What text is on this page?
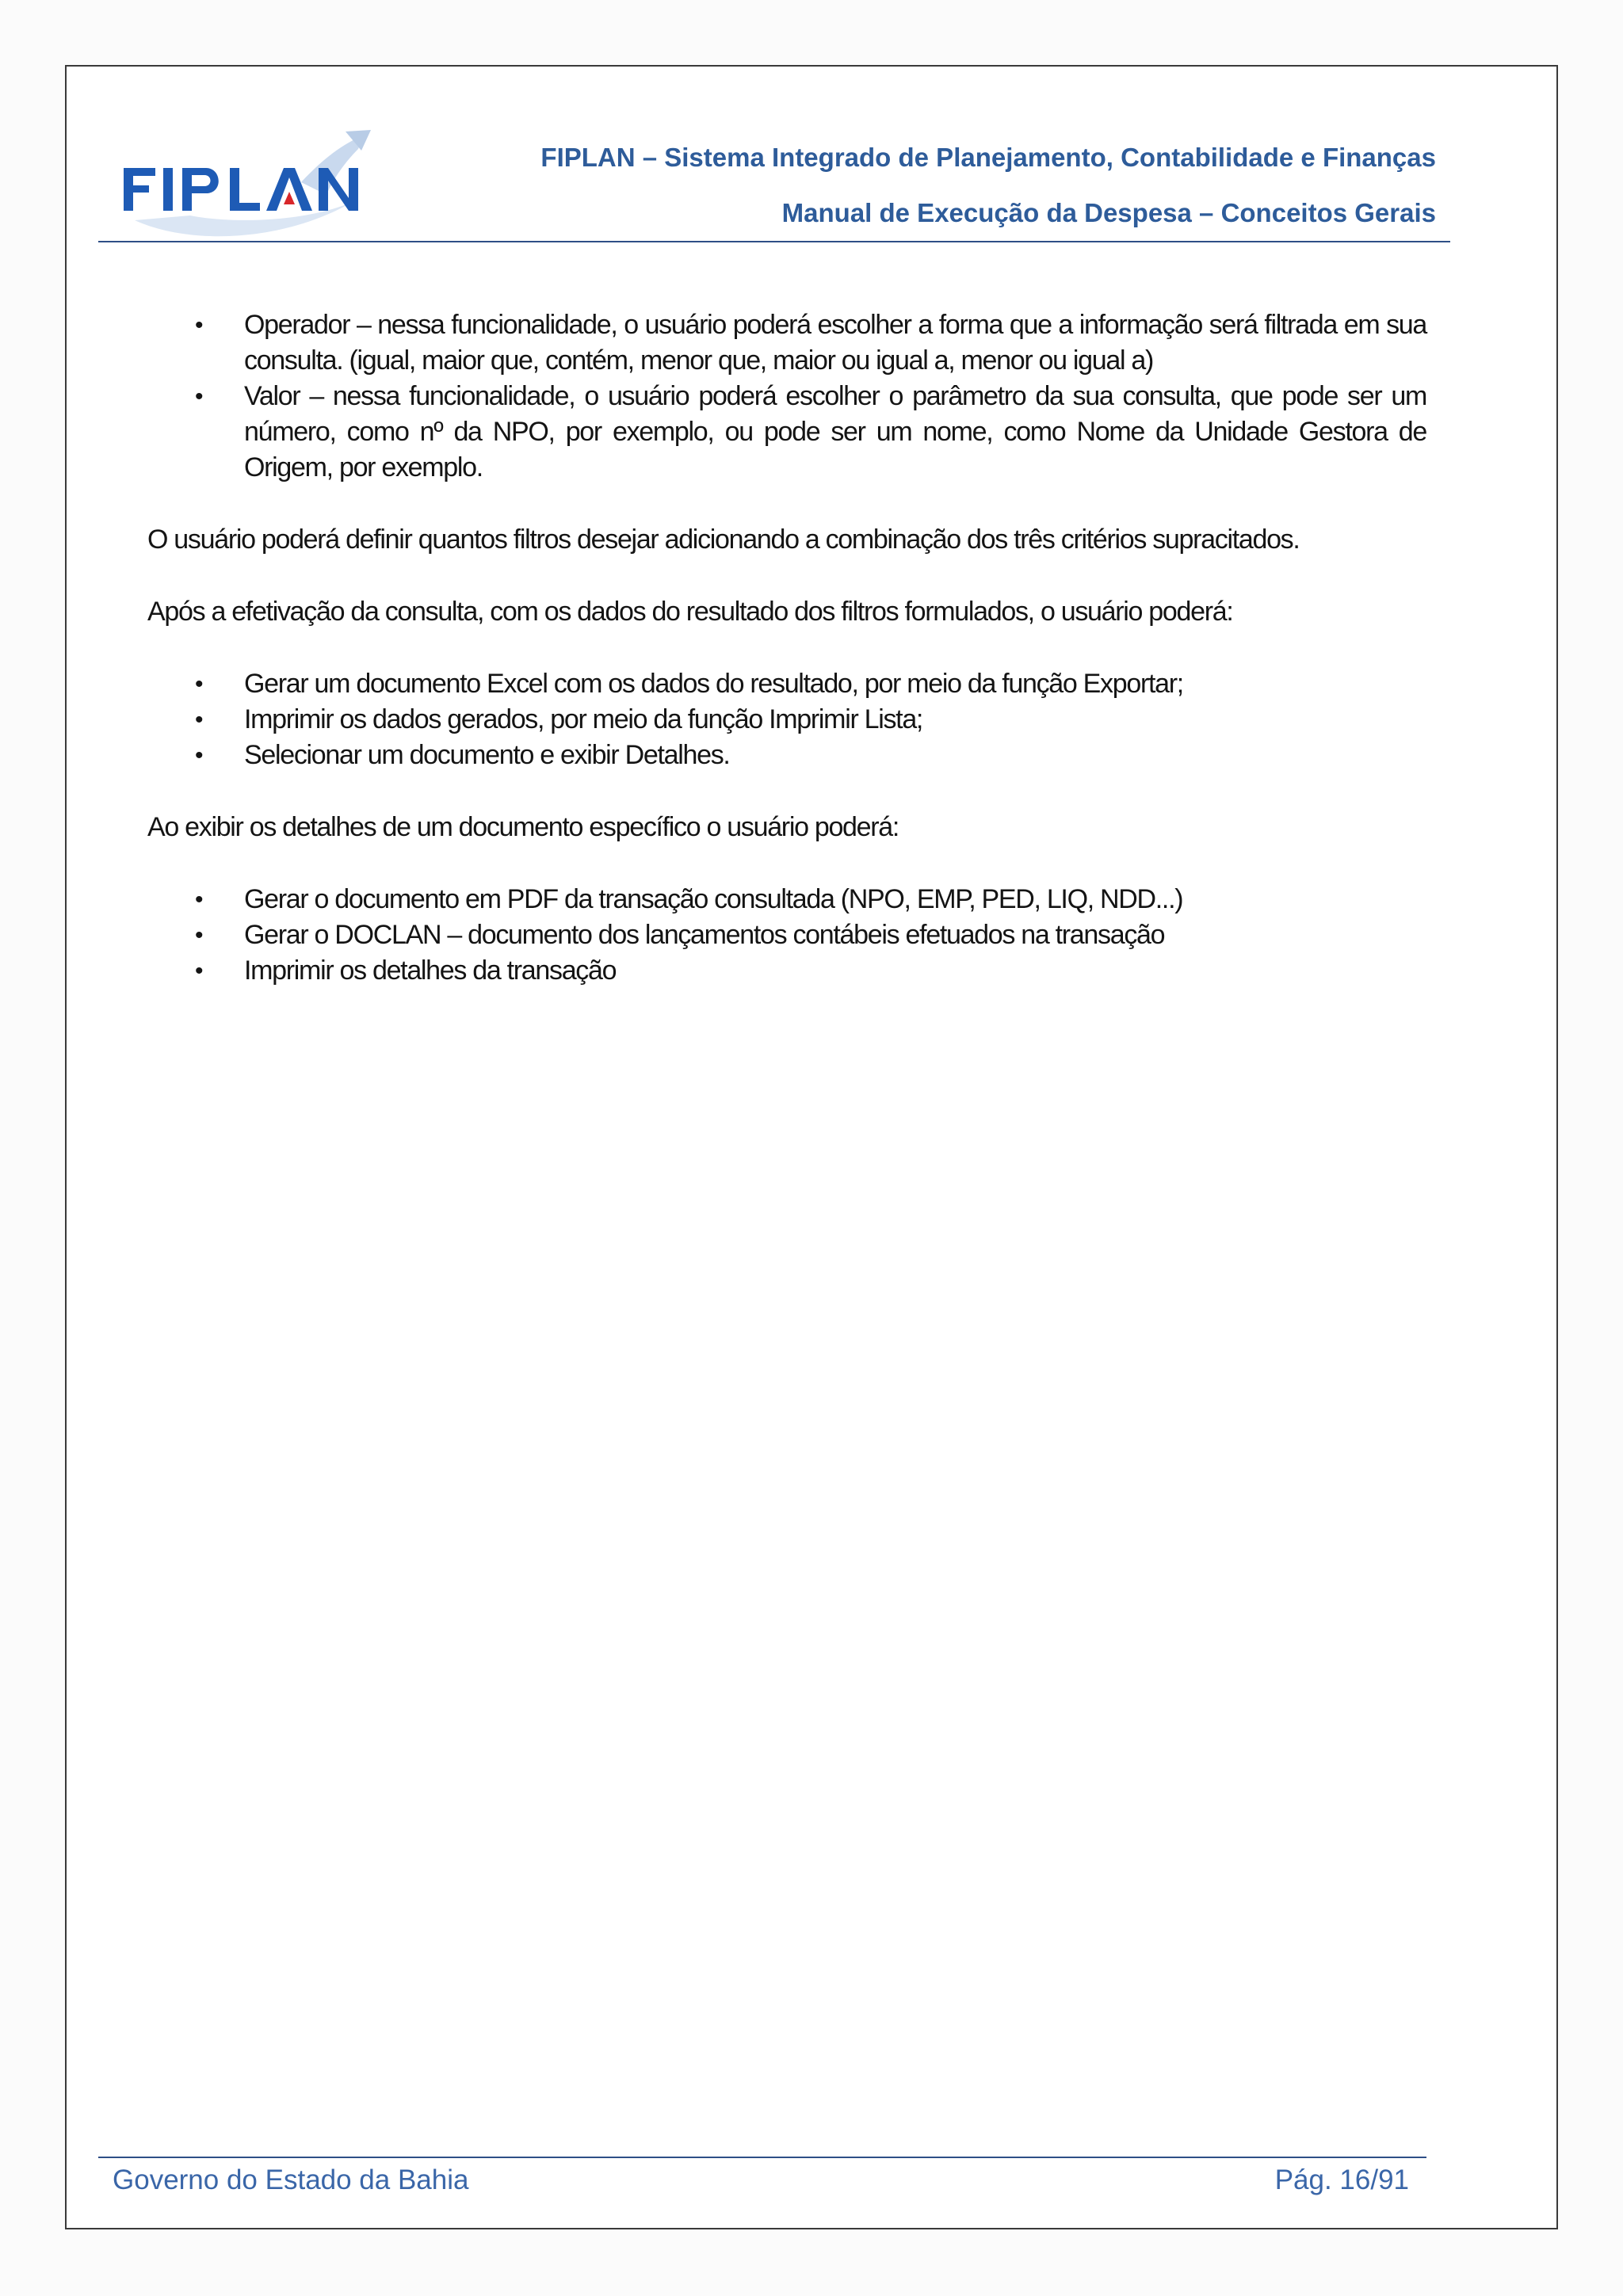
FIPLAN – Sistema Integrado de Planejamento, Contabilidade e Finanças
Manual de Execução da Despesa – Conceitos Gerais
• Operador – nessa funcionalidade, o usuário poderá escolher a forma que a informação será filtrada em sua consulta. (igual, maior que, contém, menor que, maior ou igual a, menor ou igual a)
• Valor – nessa funcionalidade, o usuário poderá escolher o parâmetro da sua consulta, que pode ser um número, como nº da NPO, por exemplo, ou pode ser um nome, como Nome da Unidade Gestora de Origem, por exemplo.

O usuário poderá definir quantos filtros desejar adicionando a combinação dos três critérios supracitados.

Após a efetivação da consulta, com os dados do resultado dos filtros formulados, o usuário poderá:

• Gerar um documento Excel com os dados do resultado, por meio da função Exportar;
• Imprimir os dados gerados, por meio da função Imprimir Lista;
• Selecionar um documento e exibir Detalhes.

Ao exibir os detalhes de um documento específico o usuário poderá:

• Gerar o documento em PDF da transação consultada (NPO, EMP, PED, LIQ, NDD...)
• Gerar o DOCLAN – documento dos lançamentos contábeis efetuados na transação
• Imprimir os detalhes da transação
Governo do Estado da Bahia	Pág. 16/91
